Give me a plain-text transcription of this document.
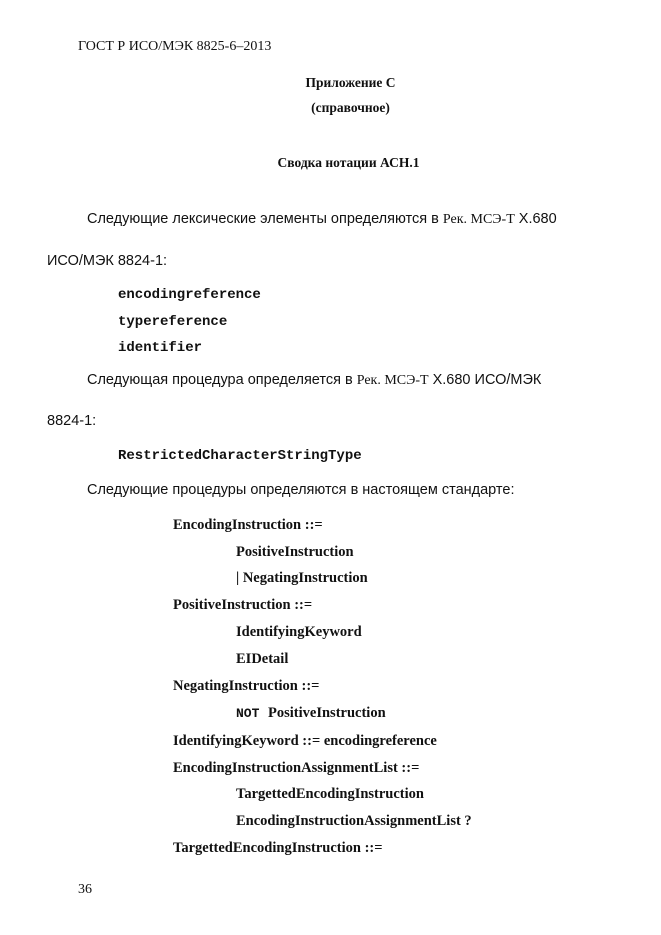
ГОСТ Р ИСО/МЭК 8825-6–2013
Приложение С
(справочное)
Сводка нотации АСН.1
Следующие лексические элементы определяются в Рек. МСЭ-Т X.680
ИСО/МЭК 8824-1:
encodingreference
typereference
identifier
Следующая процедура определяется в Рек. МСЭ-Т X.680 ИСО/МЭК
8824-1:
RestrictedCharacterStringType
Следующие процедуры определяются в настоящем стандарте:
EncodingInstruction ::=
PositiveInstruction
| NegatingInstruction
PositiveInstruction ::=
IdentifyingKeyword
EIDetail
NegatingInstruction ::=
NOT PositiveInstruction
IdentifyingKeyword ::= encodingreference
EncodingInstructionAssignmentList ::=
TargettedEncodingInstruction
EncodingInstructionAssignmentList ?
TargettedEncodingInstruction ::=
36
